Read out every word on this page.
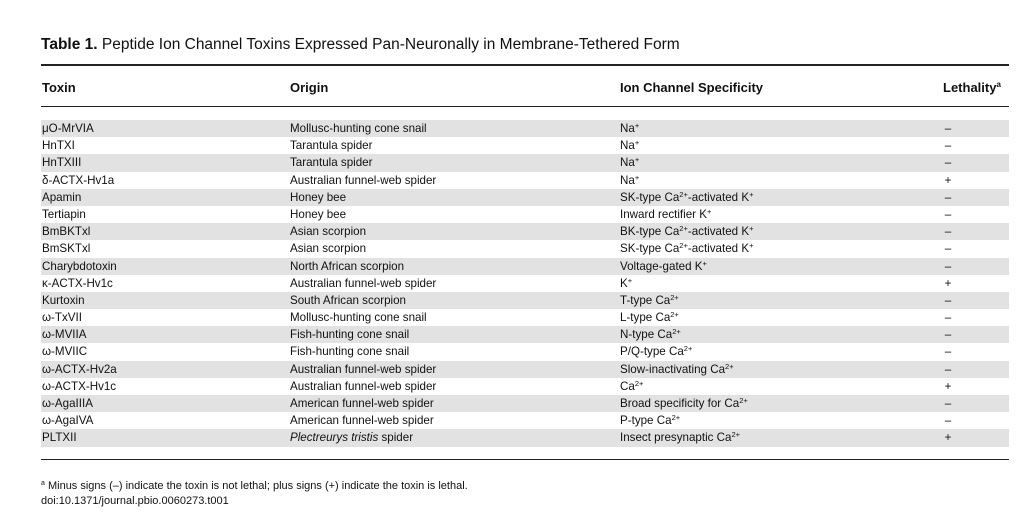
Table 1. Peptide Ion Channel Toxins Expressed Pan-Neuronally in Membrane-Tethered Form
Toxin	Origin	Ion Channel Specificity	Lethality$^a$
μO-MrVIA	Mollusc-hunting cone snail	Na+	–
HnTXI	Tarantula spider	Na+	–
HnTXIII	Tarantula spider	Na+	–
δ-ACTX-Hv1a	Australian funnel-web spider	Na+	+
Apamin	Honey bee	SK-type $Ca^{2+}$-activated K+	–
Tertiapin	Honey bee	Inward rectifier K+	–
BmBKTxl	Asian scorpion	BK-type $Ca^{2+}$-activated K+	–
BmSKTxl	Asian scorpion	SK-type $Ca^{2+}$-activated K+	–
Charybdotoxin	North African scorpion	Voltage-gated K+	–
κ-ACTX-Hv1c	Australian funnel-web spider	K+	+
Kurtoxin	South African scorpion	T-type $Ca^{2+}$	–
ω-TxVII	Mollusc-hunting cone snail	L-type $Ca^{2+}$	–
ω-MVIIA	Fish-hunting cone snail	N-type $Ca^{2+}$	–
ω-MVIIC	Fish-hunting cone snail	P/Q-type $Ca^{2+}$	–
ω-ACTX-Hv2a	Australian funnel-web spider	Slow-inactivating $Ca^{2+}$	–
ω-ACTX-Hv1c	Australian funnel-web spider	$Ca^{2+}$	+
ω-AgaIIIA	American funnel-web spider	Broad specificity for $Ca^{2+}$	–
ω-AgaIVA	American funnel-web spider	P-type $Ca^{2+}$	–
PLTXII	Plectreurys tristis spider	Insect presynaptic $Ca^{2+}$	+
$^a$ Minus signs (–) indicate the toxin is not lethal; plus signs (+) indicate the toxin is lethal.
doi:10.1371/journal.pbio.0060273.t001
